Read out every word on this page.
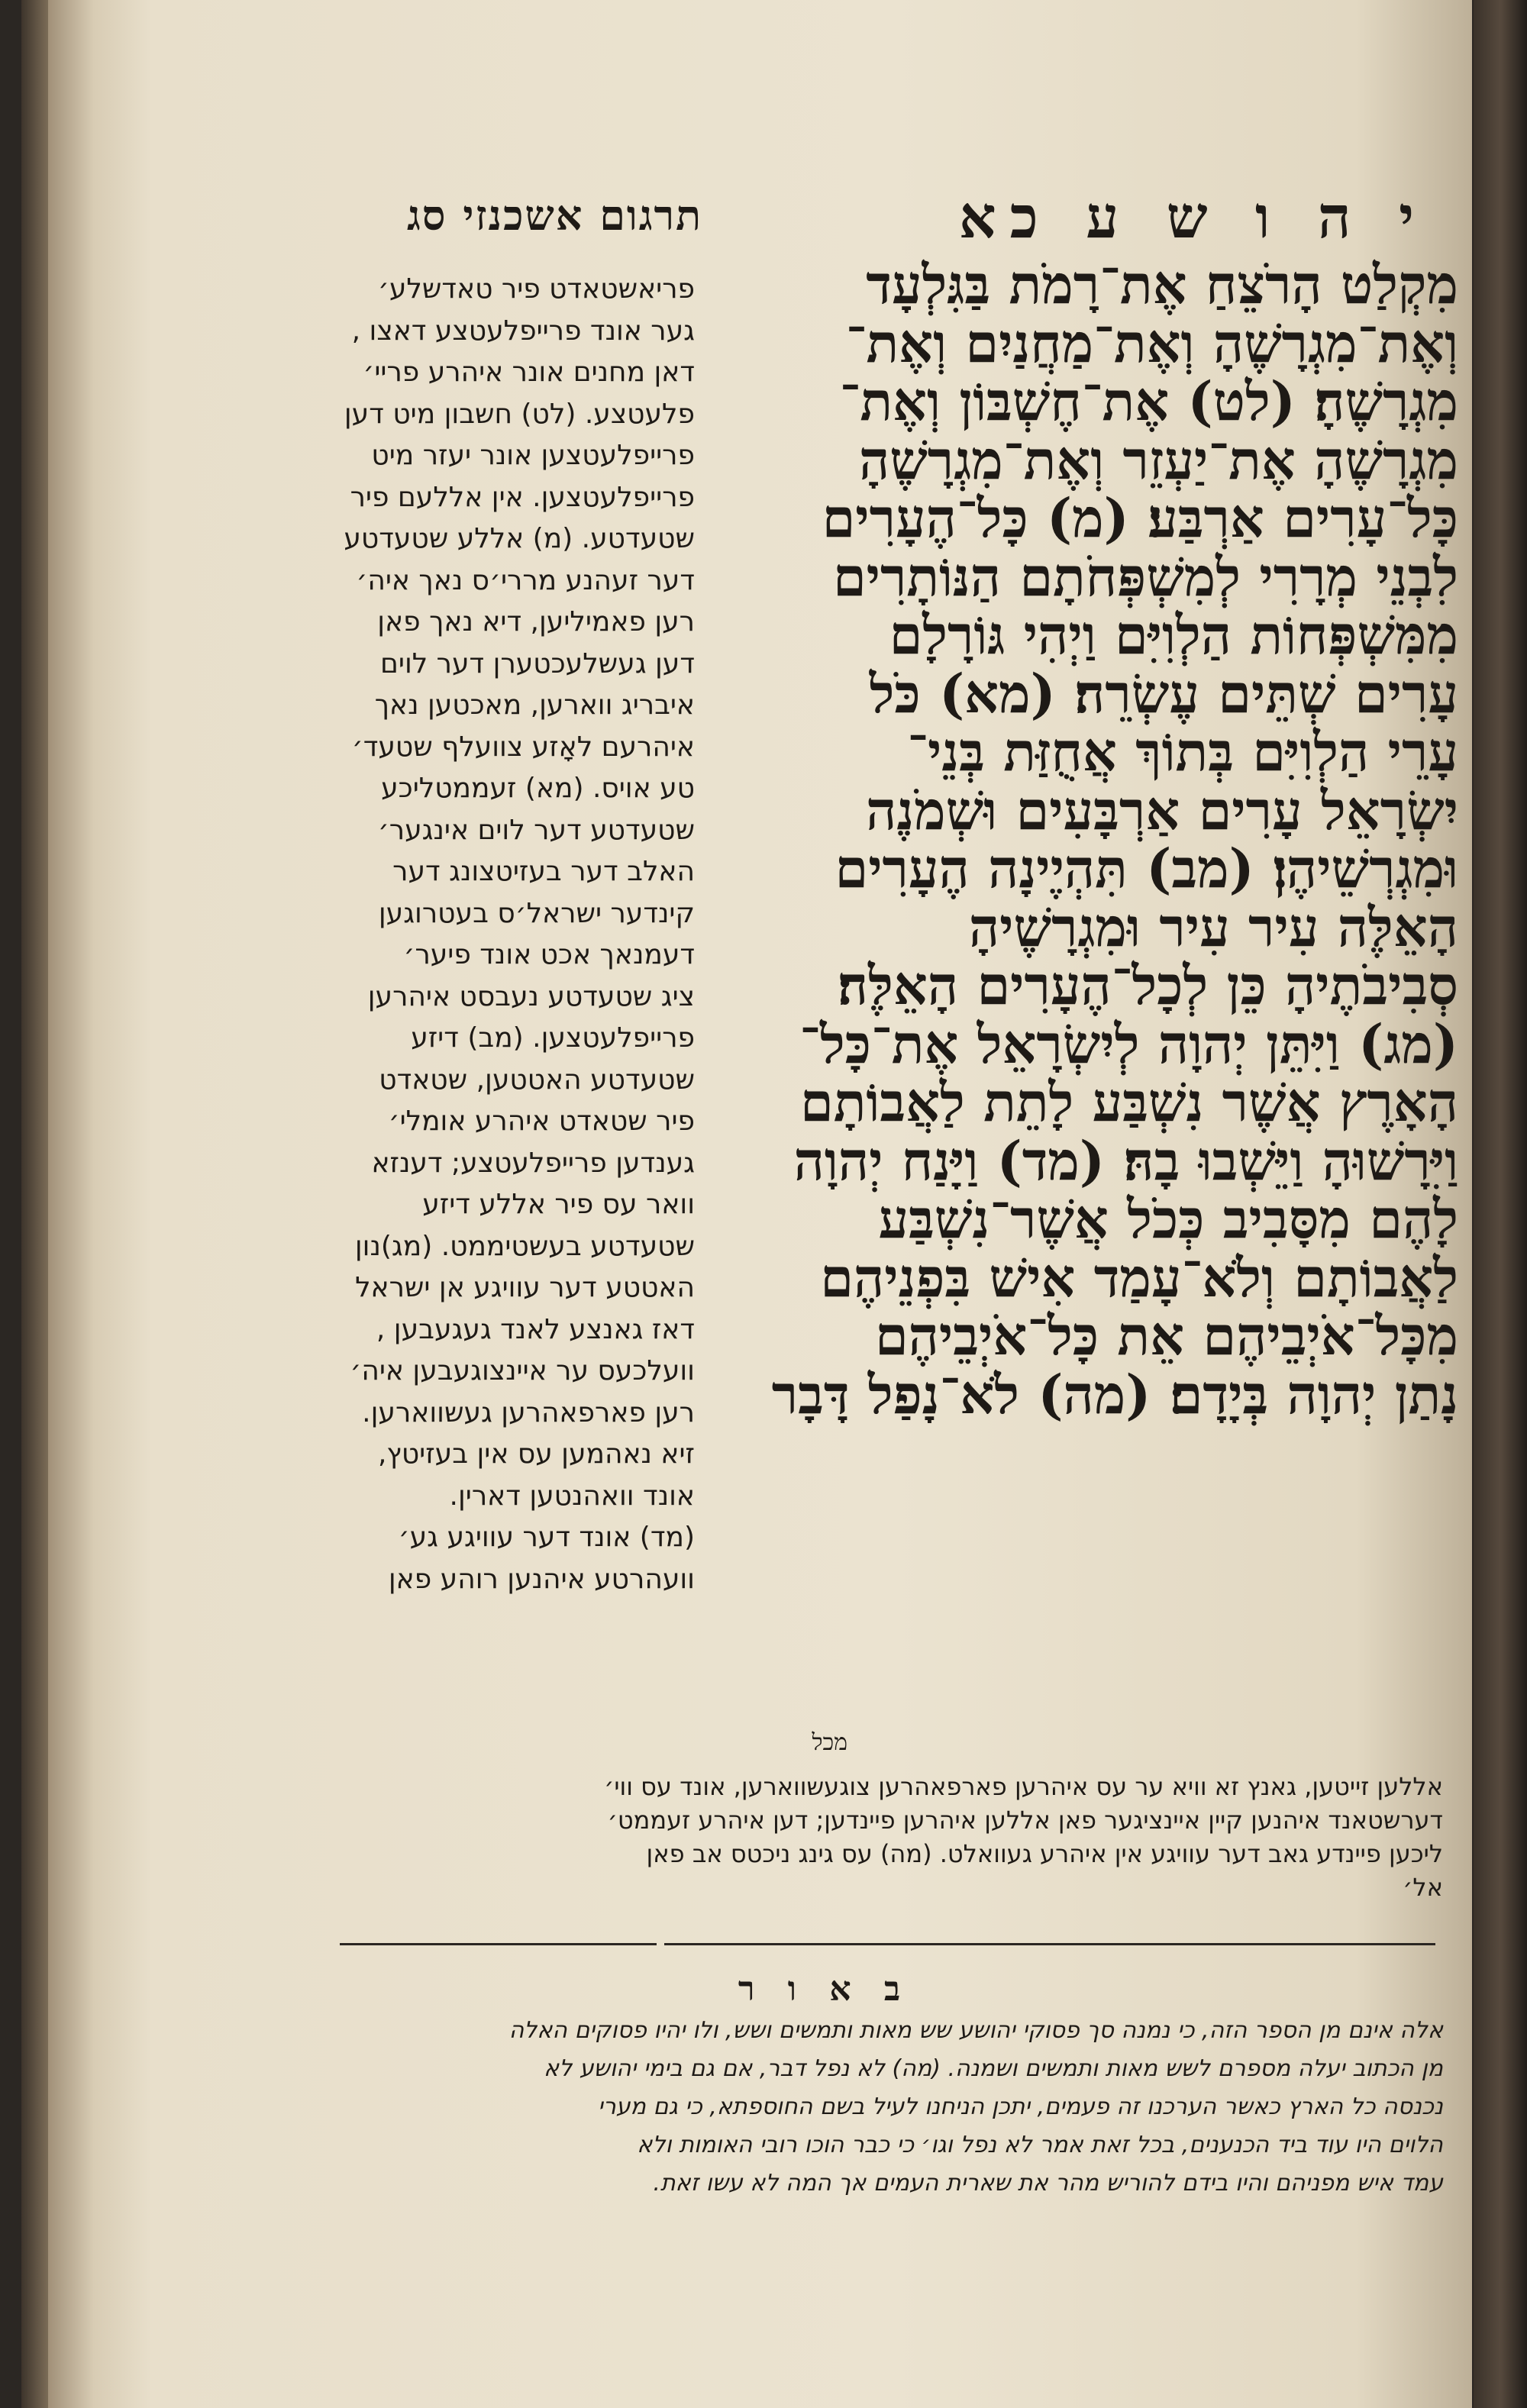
תרגום אשכנזי סג	י ה ו ש ע כא
מִקְלַט הָרֹצֵחַ אֶת־רָמֹת בַּגִּלְעָד
וְאֶת־מִגְרָשֶׁהָ וְאֶת־מַחֲנַיִם וְאֶת־
מִגְרָשֶׁהָ׃ (לט) אֶת־חֶשְׁבּוֹן וְאֶת־
מִגְרָשֶׁהָ אֶת־יַעְזֵר וְאֶת־מִגְרָשֶׁהָ
כָּל־עָרִים אַרְבַּע׃ (מ) כָּל־הֶעָרִים
לִבְנֵי מְרָרִי לְמִשְׁפְּחֹתָם הַנּוֹתָרִים
מִמִּשְׁפְּחוֹת הַלְוִיִּם וַיְהִי גּוֹרָלָם
עָרִים שְׁתֵּים עֶשְׂרֵה׃ (מא) כֹּל
עָרֵי הַלְוִיִּם בְּתוֹךְ אֲחֻזַּת בְּנֵי־
יִשְׂרָאֵל עָרִים אַרְבָּעִים וּשְׁמֹנֶה
וּמִגְרְשֵׁיהֶן׃ (מב) תִּהְיֶינָה הֶעָרִים
הָאֵלֶּה עִיר עִיר וּמִגְרָשֶׁיהָ
סְבִיבֹתֶיהָ כֵּן לְכָל־הֶעָרִים הָאֵלֶּה׃
(מג) וַיִּתֵּן יְהוָה לְיִשְׂרָאֵל אֶת־כָּל־
הָאָרֶץ אֲשֶׁר נִשְׁבַּע לָתֵת לַאֲבוֹתָם
וַיִּרָשׁוּהָ וַיֵּשְׁבוּ בָהּ׃ (מד) וַיָּנַח יְהוָה
לָהֶם מִסָּבִיב כְּכֹל אֲשֶׁר־נִשְׁבַּע
לַאֲבוֹתָם וְלֹא־עָמַד אִישׁ בִּפְנֵיהֶם
מִכָּל־אֹיְבֵיהֶם אֵת כָּל־אֹיְבֵיהֶם
נָתַן יְהוָה בְּיָדָם׃ (מה) לֹא־נָפַל דָּבָר
מכל
פריאשטאדט פיר טאדשלע׳
גער אונד פרייפלעטצע דאצו ,
דאן מחנים אונר איהרע פריי׳
פלעטצע. (לט) חשבון מיט דען
פרייפלעטצען אונר יעזר מיט
פרייפלעטצען. אין אללעם פיר
שטעדטע. (מ) אללע שטעדטע
דער זעהנע מררי׳ס נאך איה׳
רען פאמיליען, דיא נאך פאן
דען געשלעכטערן דער לוים
איבריג ווארען, מאכטען נאך
איהרעם לאָזע צוועלף שטעד׳
טע אויס. (מא) זעממטליכע
שטעדטע דער לוים אינגער׳
האלב דער בעזיטצונג דער
קינדער ישראל׳ס בעטרוגען
דעמנאך אכט אונד פיער׳
ציג שטעדטע נעבסט איהרען
פרייפלעטצען. (מב) דיזע
שטעדטע האטטען, שטאדט
פיר שטאדט איהרע אומלי׳
גענדען פרייפלעטצע; דענזא
וואר עס פיר אללע דיזע
שטעדטע בעשטיממט. (מג)נון
האטטע דער עוויגע אן ישראל
דאז גאנצע לאנד געגעבען ,
וועלכעס ער איינצוגעבען איה׳
רען פארפאהרען געשווארען.
זיא נאהמען עס אין בעזיטץ,
אונד וואהנטען דארין.
(מד) אונד דער עוויגע גע׳
וועהרטע איהנען רוהע פאן
אללען זייטען, גאנץ זא וויא ער עס איהרען פארפאהרען צוגעשווארען, אונד עס ווי׳
דערשטאנד איהנען קיין איינציגער פאן אללען איהרען פיינדען; דען איהרע זעממט׳
ליכען פיינדע גאב דער עוויגע אין איהרע געוואלט. (מה) עס גינג ניכטס אב פאן
אל׳
ב א ו ר
אלה אינם מן הספר הזה, כי נמנה סך פסוקי יהושע שש מאות ותמשים ושש, ולו יהיו פסוקים האלה
מן הכתוב יעלה מספרם לשש מאות ותמשים ושמנה. (מה) לא נפל דבר, אם גם בימי יהושע לא
נכנסה כל הארץ כאשר הערכנו זה פעמים, יתכן הניחנו לעיל בשם החוספתא, כי גם מערי
הלוים היו עוד ביד הכנענים, בכל זאת אמר לא נפל וגו׳ כי כבר הוכו רובי האומות ולא
עמד איש מפניהם והיו בידם להוריש מהר את שארית העמים אך המה לא עשו זאת.
